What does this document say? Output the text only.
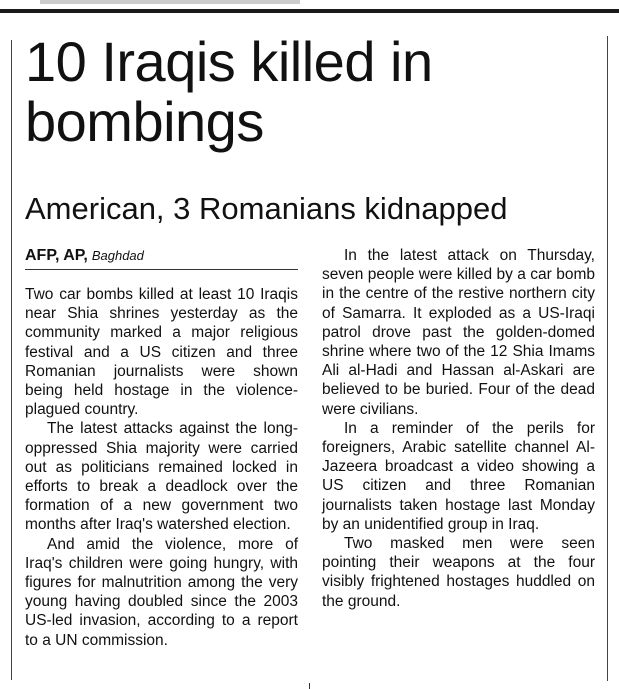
10 Iraqis killed in bombings
American, 3 Romanians kidnapped
AFP, AP, Baghdad

Two car bombs killed at least 10 Iraqis near Shia shrines yesterday as the community marked a major religious festival and a US citizen and three Romanian journalists were shown being held hostage in the violence-plagued country.

The latest attacks against the long-oppressed Shia majority were carried out as politicians remained locked in efforts to break a deadlock over the formation of a new government two months after Iraq's watershed election.

And amid the violence, more of Iraq's children were going hungry, with figures for malnutrition among the very young having doubled since the 2003 US-led invasion, according to a report to a UN commission.

In the latest attack on Thursday, seven people were killed by a car bomb in the centre of the restive northern city of Samarra. It exploded as a US-Iraqi patrol drove past the golden-domed shrine where two of the 12 Shia Imams Ali al-Hadi and Hassan al-Askari are believed to be buried. Four of the dead were civilians.

In a reminder of the perils for foreigners, Arabic satellite channel Al-Jazeera broadcast a video showing a US citizen and three Romanian journalists taken hostage last Monday by an unidentified group in Iraq.

Two masked men were seen pointing their weapons at the four visibly frightened hostages huddled on the ground.
